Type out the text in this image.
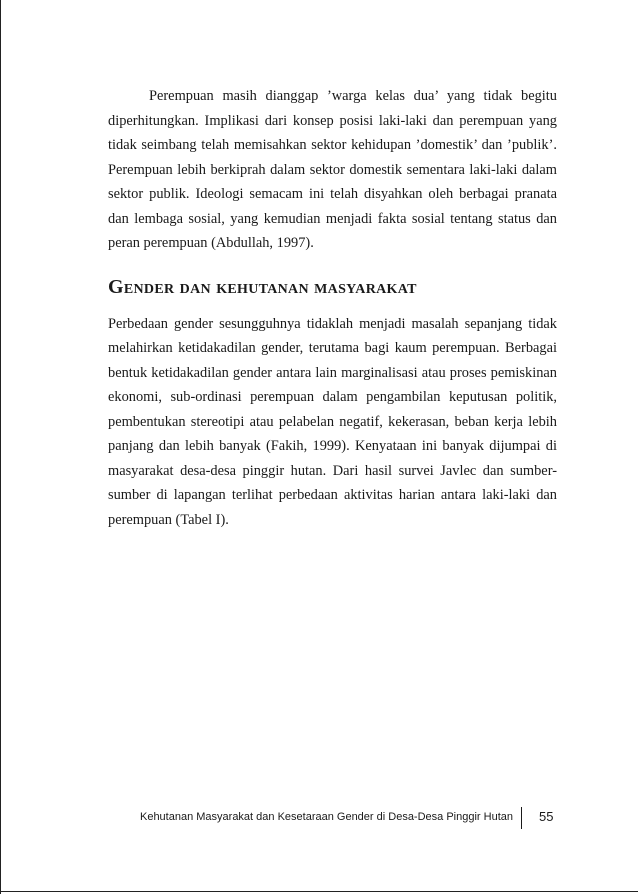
Perempuan masih dianggap ’warga kelas dua’ yang tidak begitu diperhitungkan. Implikasi dari konsep posisi laki-laki dan perempuan yang tidak seimbang telah memisahkan sektor kehidupan ’domestik’ dan ’publik’. Perempuan lebih berkiprah dalam sektor domestik sementara laki-laki dalam sektor publik. Ideologi semacam ini telah disyahkan oleh berbagai pranata dan lembaga sosial, yang kemudian menjadi fakta sosial tentang status dan peran perempuan (Abdullah, 1997).

Gender dan kehutanan masyarakat

Perbedaan gender sesungguhnya tidaklah menjadi masalah sepanjang tidak melahirkan ketidakadilan gender, terutama bagi kaum perempuan. Berbagai bentuk ketidakadilan gender antara lain marginalisasi atau proses pemiskinan ekonomi, sub-ordinasi perempuan dalam pengambilan keputusan politik, pembentukan stereotipi atau pelabelan negatif, kekerasan, beban kerja lebih panjang dan lebih banyak (Fakih, 1999). Kenyataan ini banyak dijumpai di masyarakat desa-desa pinggir hutan. Dari hasil survei Javlec dan sumber-sumber di lapangan terlihat perbedaan aktivitas harian antara laki-laki dan perempuan (Tabel I).

Kehutanan Masyarakat dan Kesetaraan Gender di Desa-Desa Pinggir Hutan 55
